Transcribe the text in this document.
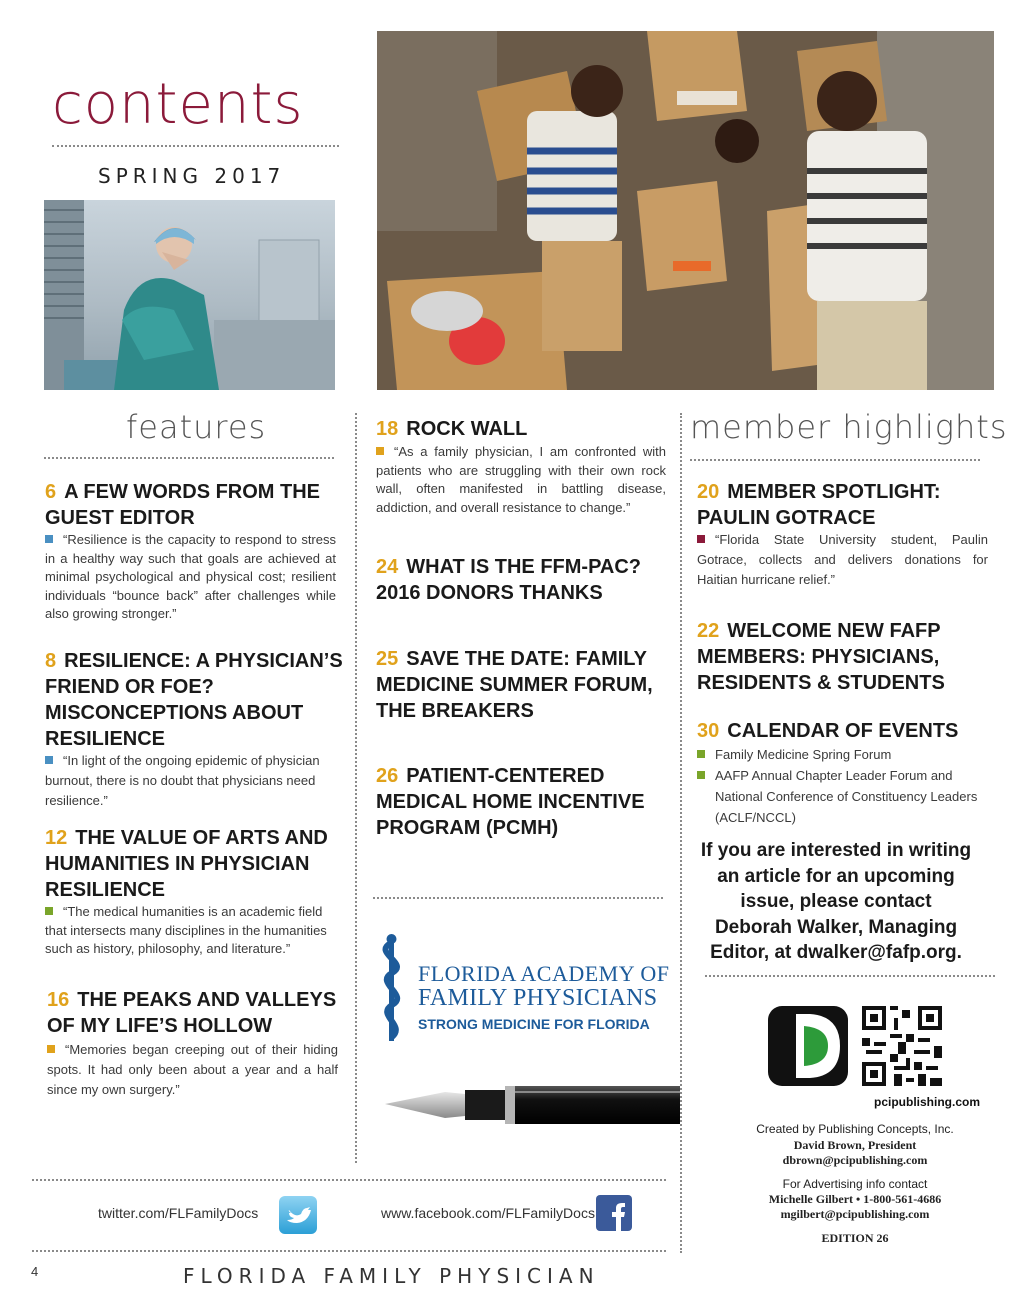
contents
SPRING 2017
features
6 A FEW WORDS FROM THE GUEST EDITOR
“Resilience is the capacity to respond to stress in a healthy way such that goals are achieved at minimal psychological and physical cost; resilient individuals “bounce back” after challenges while also growing stronger.”
8 RESILIENCE: A PHYSICIAN’S FRIEND OR FOE? MISCONCEPTIONS ABOUT RESILIENCE
“In light of the ongoing epidemic of physician burnout, there is no doubt that physicians need resilience.”
12 THE VALUE OF ARTS AND HUMANITIES IN PHYSICIAN RESILIENCE
“The medical humanities is an academic field that intersects many disciplines in the humanities such as history, philosophy, and literature.”
16 THE PEAKS AND VALLEYS OF MY LIFE’S HOLLOW
“Memories began creeping out of their hiding spots. It had only been about a year and a half since my own surgery.”
18 ROCK WALL
“As a family physician, I am confronted with patients who are struggling with their own rock wall, often manifested in battling disease, addiction, and overall resistance to change.”
24 WHAT IS THE FFM-PAC? 2016 DONORS THANKS
25 SAVE THE DATE: FAMILY MEDICINE SUMMER FORUM, THE BREAKERS
26 PATIENT-CENTERED MEDICAL HOME INCENTIVE PROGRAM (PCMH)
FLORIDA ACADEMY OF
FAMILY PHYSICIANS
STRONG MEDICINE FOR FLORIDA
member highlights
20 MEMBER SPOTLIGHT: PAULIN GOTRACE
“Florida State University student, Paulin Gotrace, collects and delivers donations for Haitian hurricane relief.”
22 WELCOME NEW FAFP MEMBERS: PHYSICIANS, RESIDENTS & STUDENTS
30 CALENDAR OF EVENTS
Family Medicine Spring Forum
AAFP Annual Chapter Leader Forum and National Conference of Constituency Leaders (ACLF/NCCL)
If you are interested in writing an article for an upcoming issue, please contact Deborah Walker, Managing Editor, at dwalker@fafp.org.
pcipublishing.com
Created by Publishing Concepts, Inc.
David Brown, President
dbrown@pcipublishing.com
For Advertising info contact
Michelle Gilbert • 1-800-561-4686
mgilbert@pcipublishing.com
EDITION 26
twitter.com/FLFamilyDocs	www.facebook.com/FLFamilyDocs
4	FLORIDA FAMILY PHYSICIAN
